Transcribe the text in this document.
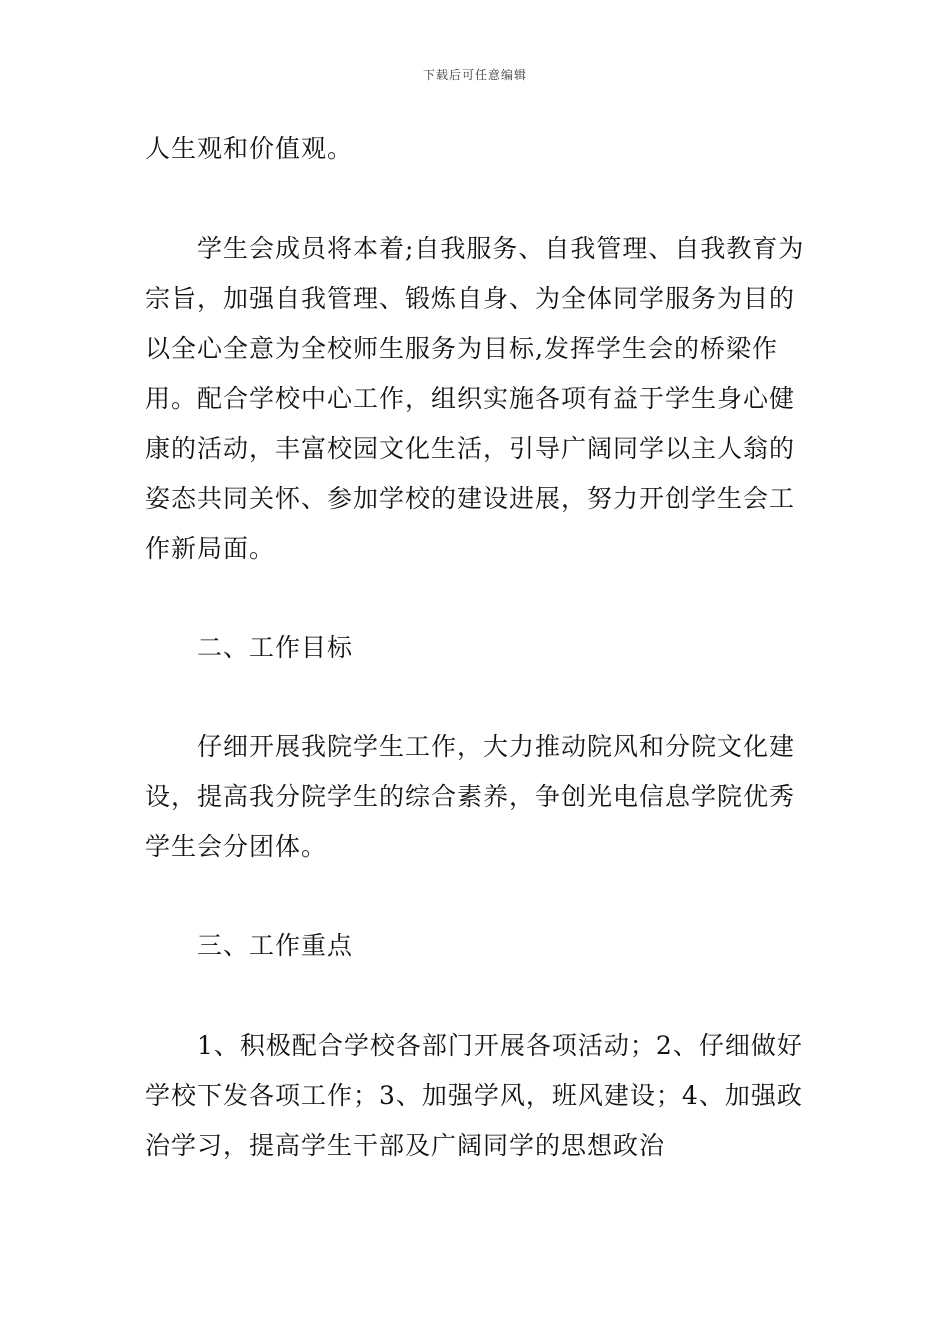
下载后可任意编辑

人生观和价值观。

学生会成员将本着;自我服务、自我管理、自我教育为宗旨，加强自我管理、锻炼自身、为全体同学服务为目的以全心全意为全校师生服务为目标,发挥学生会的桥梁作用。配合学校中心工作，组织实施各项有益于学生身心健康的活动，丰富校园文化生活，引导广阔同学以主人翁的姿态共同关怀、参加学校的建设进展，努力开创学生会工作新局面。

二、工作目标

仔细开展我院学生工作，大力推动院风和分院文化建设，提高我分院学生的综合素养，争创光电信息学院优秀学生会分团体。

三、工作重点

1、积极配合学校各部门开展各项活动；2、仔细做好学校下发各项工作；3、加强学风，班风建设；4、加强政治学习，提高学生干部及广阔同学的思想政治
